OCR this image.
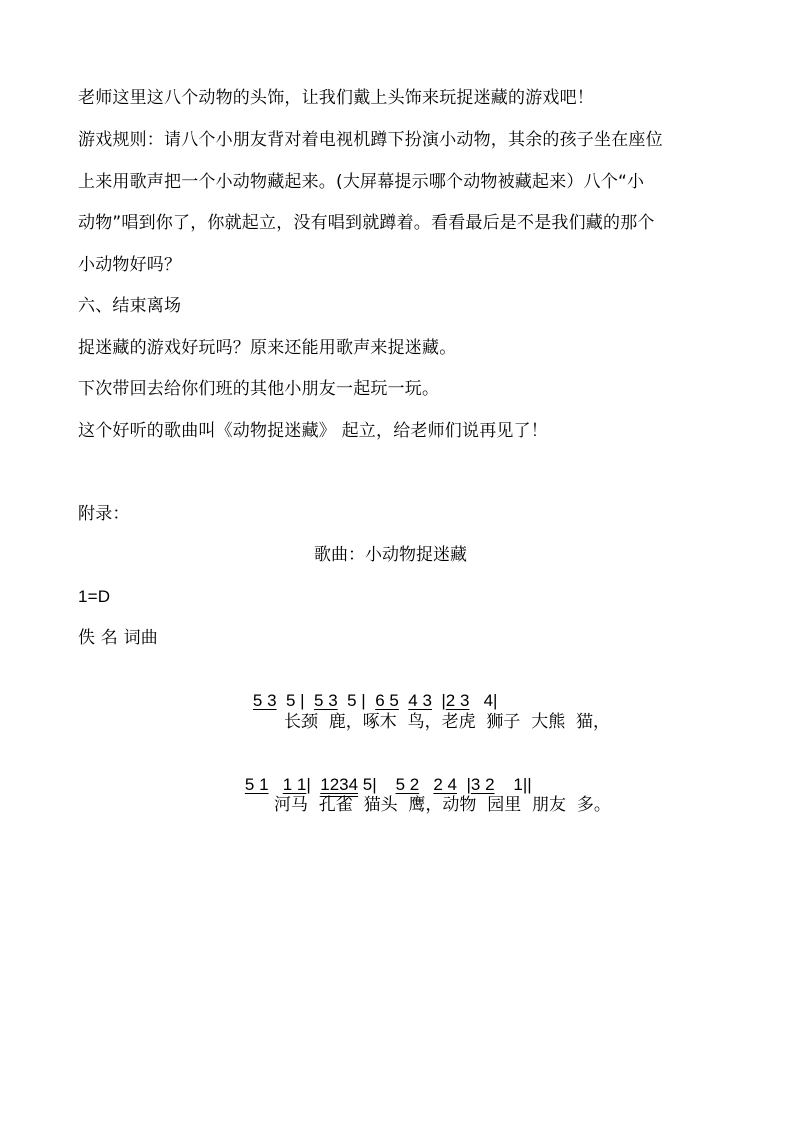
老师这里这八个动物的头饰，让我们戴上头饰来玩捉迷藏的游戏吧！
游戏规则：请八个小朋友背对着电视机蹲下扮演小动物，其余的孩子坐在座位
上来用歌声把一个小动物藏起来。(大屏幕提示哪个动物被藏起来）八个“小
动物”唱到你了，你就起立，没有唱到就蹲着。看看最后是不是我们藏的那个
小动物好吗？
六、结束离场
捉迷藏的游戏好玩吗？原来还能用歌声来捉迷藏。
下次带回去给你们班的其他小朋友一起玩一玩。
这个好听的歌曲叫《动物捉迷藏》 起立，给老师们说再见了！
附录：
歌曲：小动物捉迷藏
1=D
佚 名 词曲

5 3  5 |  5 3  5 |  6 5 4 3  |2 3   4|

长颈  鹿，啄木  鸟，老虎  狮子  大熊  猫，

5 1 1 1|  1234 5|    5 2 2 4  |3 2    1||

河马  孔雀  猫头  鹰，动物  园里  朋友  多。
